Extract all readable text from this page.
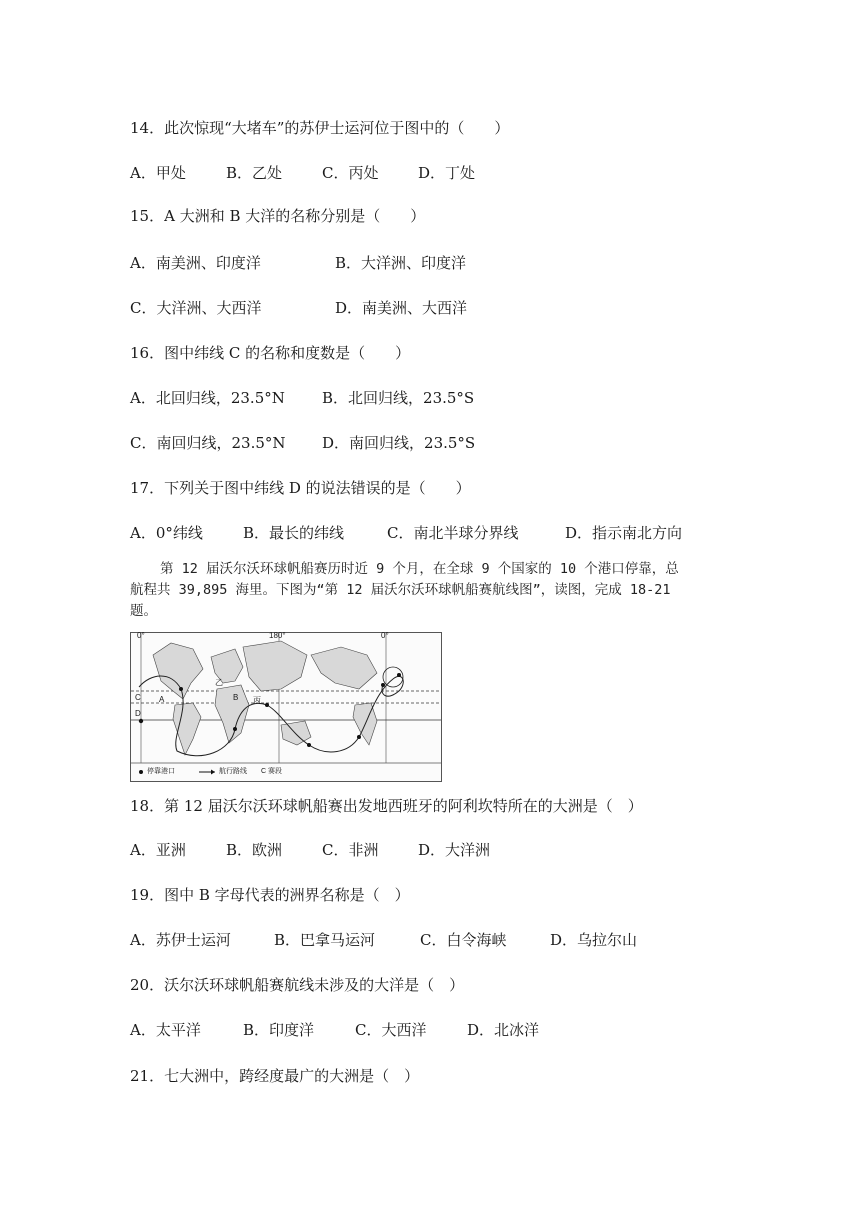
14．此次惊现“大堵车”的苏伊士运河位于图中的（　　）
A．甲处	B．乙处	C．丙处	D．丁处
15．A 大洲和 B 大洋的名称分别是（　　）
A．南美洲、印度洋	B．大洋洲、印度洋
C．大洋洲、大西洋	D．南美洲、大西洋
16．图中纬线 C 的名称和度数是（　　）
A．北回归线，23.5°N B．北回归线，23.5°S
C．南回归线，23.5°N D．南回归线，23.5°S
17．下列关于图中纬线 D 的说法错误的是（　　）
A．0°纬线	B．最长的纬线	C．南北半球分界线	D．指示南北方向
第 12 届沃尔沃环球帆船赛历时近 9 个月，在全球 9 个国家的 10 个港口停靠，总
航程共 39,895 海里。下图为“第 12 届沃尔沃环球帆船赛航线图”，读图，完成 18-21
题。
0°	180°	0°
停靠港口	航行路线 C 赛段
A	B
C
D
乙
丙
18．第 12 届沃尔沃环球帆船赛出发地西班牙的阿利坎特所在的大洲是（　）
A．亚洲	B．欧洲	C．非洲	D．大洋洲
19．图中 B 字母代表的洲界名称是（　）
A．苏伊士运河	B．巴拿马运河	C．白令海峡	D．乌拉尔山
20．沃尔沃环球帆船赛航线未涉及的大洋是（　）
A．太平洋	B．印度洋	C．大西洋	D．北冰洋
21．七大洲中，跨经度最广的大洲是（　）
